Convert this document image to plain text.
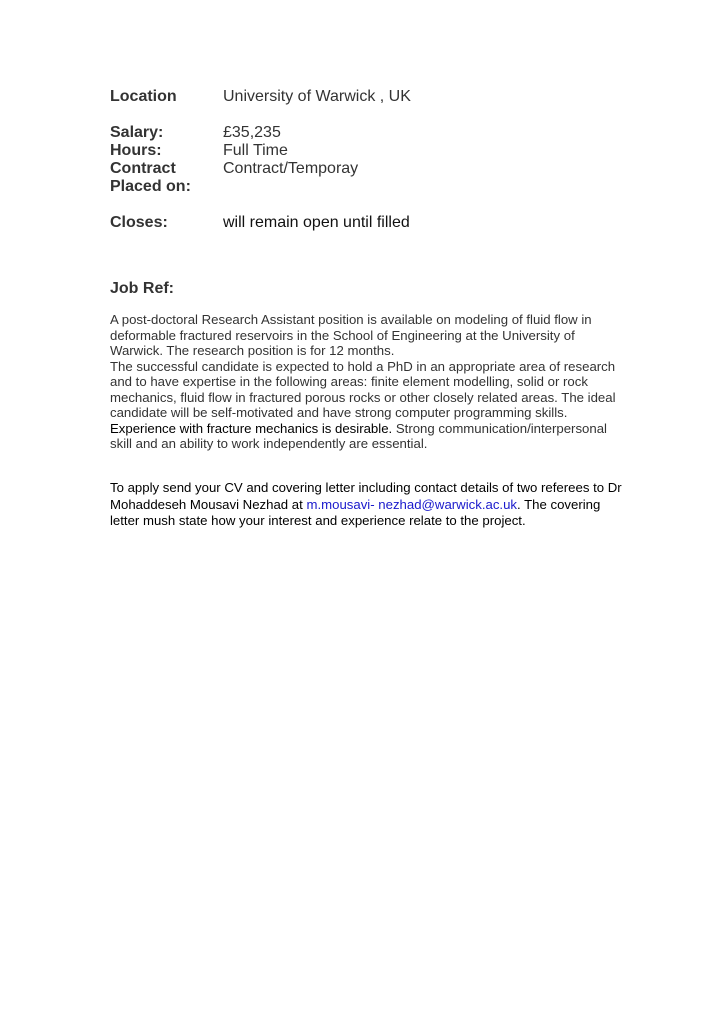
Location	University of Warwick , UK
Salary:	£35,235
Hours:	Full Time
Contract	Contract/Temporay
Placed on:
Closes:	will remain open until filled
Job Ref:

A post-doctoral Research Assistant position is available on modeling of fluid flow in deformable fractured reservoirs in the School of Engineering at the University of Warwick. The research position is for 12 months.

The successful candidate is expected to hold a PhD in an appropriate area of research and to have expertise in the following areas: finite element modelling, solid or rock mechanics, fluid flow in fractured porous rocks or other closely related areas. The ideal candidate will be self-motivated and have strong computer programming skills. Experience with fracture mechanics is desirable. Strong communication/interpersonal skill and an ability to work independently are essential.

To apply send your CV and covering letter including contact details of two referees to Dr Mohaddeseh Mousavi Nezhad at m.mousavi- nezhad@warwick.ac.uk. The covering letter mush state how your interest and experience relate to the project.
